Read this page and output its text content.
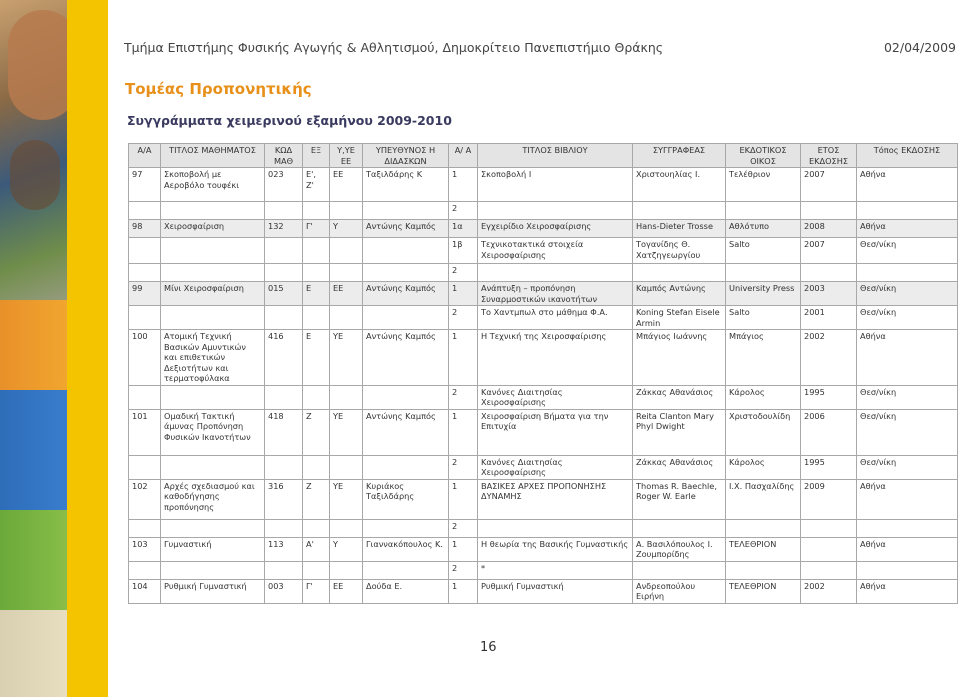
Τμήμα Επιστήμης Φυσικής Αγωγής & Αθλητισμού, Δημοκρίτειο Πανεπιστήμιο Θράκης	02/04/2009
Τομέας Προπονητικής
Συγγράμματα χειμερινού εξαμήνου 2009-2010
Α/Α	ΤΙΤΛΟΣ ΜΑΘΗΜΑΤΟΣ	ΚΩΔ ΜΑΘ	ΕΞ	Υ,ΥΕ ΕΕ	ΥΠΕΥΘΥΝΟΣ Η ΔΙΔΑΣΚΩΝ	Α/ Α	ΤΙΤΛΟΣ ΒΙΒΛΙΟΥ	ΣΥΓΓΡΑΦΕΑΣ	ΕΚΔΟΤΙΚΟΣ ΟΙΚΟΣ	ΕΤΟΣ ΕΚΔΟΣΗΣ	Τόπος ΕΚΔΟΣΗΣ
97	Σκοποβολή με Αεροβόλο τουφέκι	023	Ε', Ζ'	ΕΕ	Ταξιλδάρης Κ	1	Σκοποβολή Ι	Χριστουηλίας Ι.	Τελέθριον	2007	Αθήνα
						2					
98	Χειροσφαίριση	132	Γ'	Υ	Αντώνης Καμπός	1α	Εγχειρίδιο Χειροσφαίρισης	Hans-Dieter Trosse	Αθλότυπο	2008	Αθήνα
						1β	Τεχνικοτακτικά στοιχεία Χειροσφαίρισης	Τογανίδης Θ. Χατζηγεωργίου	Salto	2007	Θεσ/νίκη
						2					
99	Μίνι Χειροσφαίριση	015	Ε	ΕΕ	Αντώνης Καμπός	1	Ανάπτυξη – προπόνηση Συναρμοστικών ικανοτήτων	Καμπός Αντώνης	University Press	2003	Θεσ/νίκη
						2	Το Χαντμπωλ στο μάθημα Φ.Α.	Koning Stefan Eisele Armin	Salto	2001	Θεσ/νίκη
100	Ατομική Τεχνική Βασικών Αμυντικών και επιθετικών Δεξιοτήτων και τερματοφύλακα	416	Ε	ΥΕ	Αντώνης Καμπός	1	Η Τεχνική της Χειροσφαίρισης	Μπάγιος Ιωάννης	Μπάγιος	2002	Αθήνα
						2	Κανόνες Διαιτησίας Χειροσφαίρισης	Ζάκκας Αθανάσιος	Κάρολος	1995	Θεσ/νίκη
101	Ομαδική Τακτική άμυνας Προπόνηση Φυσικών Ικανοτήτων	418	Ζ	ΥΕ	Αντώνης Καμπός	1	Χειροσφαίριση Βήματα για την Επιτυχία	Reita Clanton Mary Phyl Dwight	Χριστοδουλίδη	2006	Θεσ/νίκη
						2	Κανόνες Διαιτησίας Χειροσφαίρισης	Ζάκκας Αθανάσιος	Κάρολος	1995	Θεσ/νίκη
102	Αρχές σχεδιασμού και καθοδήγησης προπόνησης	316	Ζ	ΥΕ	Κυριάκος Ταξιλδάρης	1	ΒΑΣΙΚΕΣ ΑΡΧΕΣ ΠΡΟΠΟΝΗΣΗΣ ΔΥΝΑΜΗΣ	Thomas R. Baechle, Roger W. Earle	Ι.Χ. Πασχαλίδης	2009	Αθήνα
						2					
103	Γυμναστική	113	Α'	Υ	Γιαννακόπουλος Κ.	1	Η θεωρία της Βασικής Γυμναστικής	Α. Βασιλόπουλος Ι. Ζουμπορίδης	ΤΕΛΕΘΡΙΟΝ		Αθήνα
						2	*				
104	Ρυθμική Γυμναστική	003	Γ'	ΕΕ	Δούδα Ε.	1	Ρυθμική Γυμναστική	Ανδρεοπούλου Ειρήνη	ΤΕΛΕΘΡΙΟΝ	2002	Αθήνα
16
